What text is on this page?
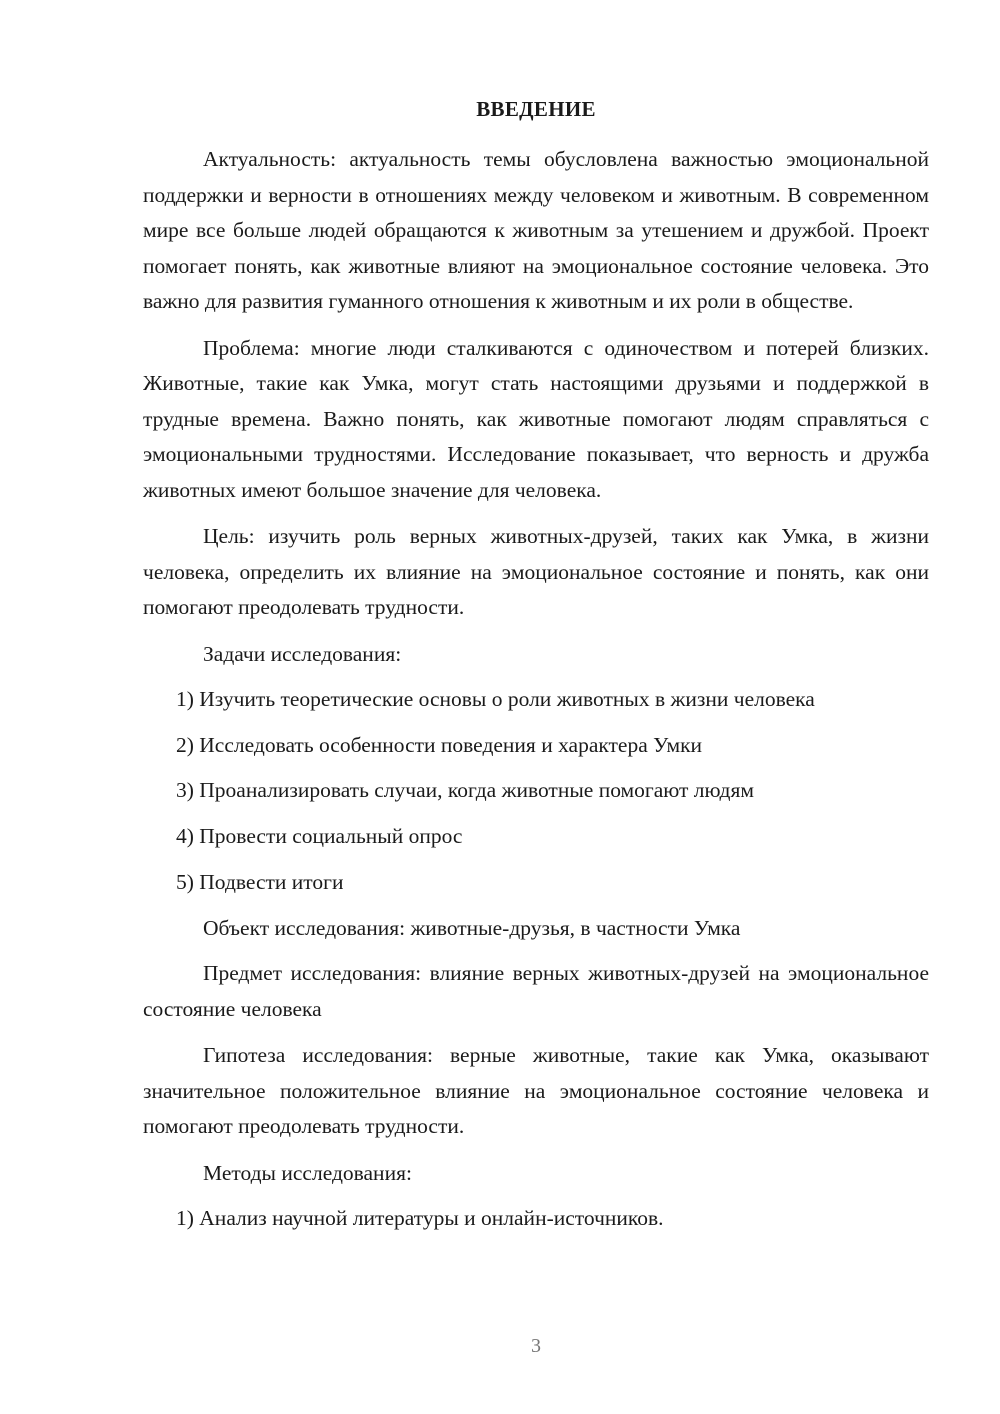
ВВЕДЕНИЕ

Актуальность: актуальность темы обусловлена важностью эмоциональной поддержки и верности в отношениях между человеком и животным. В современном мире все больше людей обращаются к животным за утешением и дружбой. Проект помогает понять, как животные влияют на эмоциональное состояние человека. Это важно для развития гуманного отношения к животным и их роли в обществе.

Проблема: многие люди сталкиваются с одиночеством и потерей близких. Животные, такие как Умка, могут стать настоящими друзьями и поддержкой в трудные времена. Важно понять, как животные помогают людям справляться с эмоциональными трудностями. Исследование показывает, что верность и дружба животных имеют большое значение для человека.

Цель: изучить роль верных животных-друзей, таких как Умка, в жизни человека, определить их влияние на эмоциональное состояние и понять, как они помогают преодолевать трудности.

Задачи исследования:

1) Изучить теоретические основы о роли животных в жизни человека
2) Исследовать особенности поведения и характера Умки
3) Проанализировать случаи, когда животные помогают людям
4) Провести социальный опрос
5) Подвести итоги

Объект исследования: животные-друзья, в частности Умка

Предмет исследования: влияние верных животных-друзей на эмоциональное состояние человека

Гипотеза исследования: верные животные, такие как Умка, оказывают значительное положительное влияние на эмоциональное состояние человека и помогают преодолевать трудности.

Методы исследования:

1) Анализ научной литературы и онлайн-источников.
3
